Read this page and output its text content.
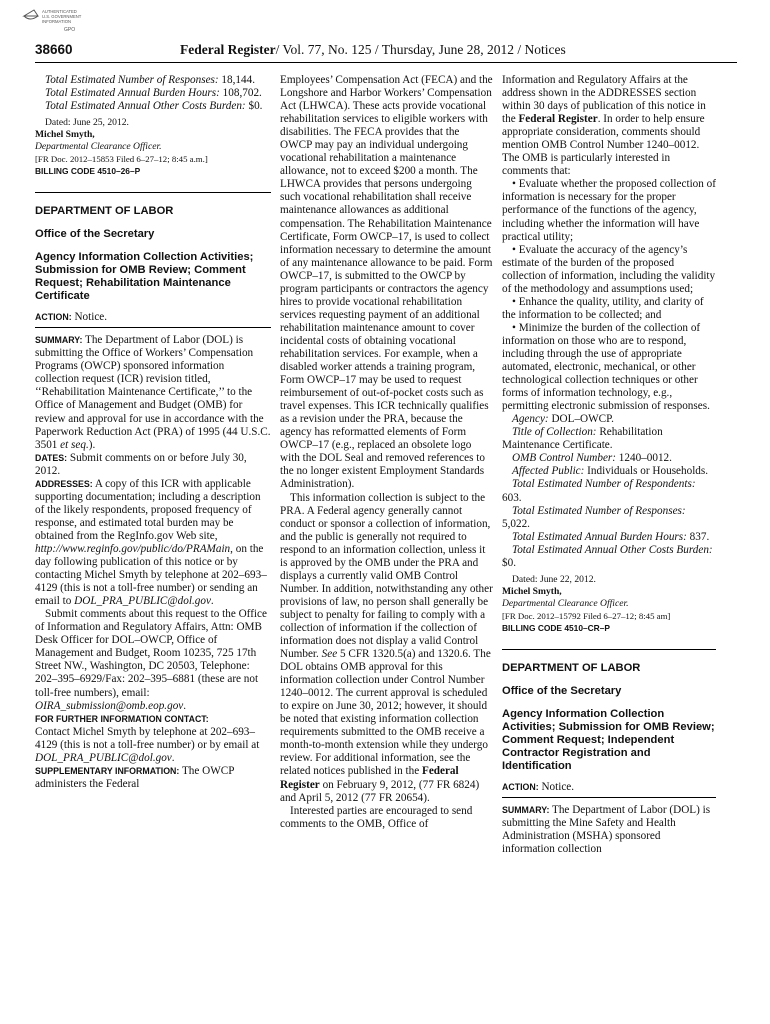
AUTHENTICATED
U.S. GOVERNMENT
INFORMATION
GPO
38660	Federal Register/ Vol. 77, No. 125 / Thursday, June 28, 2012 / Notices

Total Estimated Number of Responses: 18,144.

Total Estimated Annual Burden Hours: 108,702.

Total Estimated Annual Other Costs Burden: $0.

Dated: June 25, 2012.

Michel Smyth,

Departmental Clearance Officer.

[FR Doc. 2012–15853 Filed 6–27–12; 8:45 a.m.]

BILLING CODE 4510–26–P

DEPARTMENT OF LABOR

Office of the Secretary

Agency Information Collection Activities; Submission for OMB Review; Comment Request; Rehabilitation Maintenance Certificate

ACTION: Notice.

SUMMARY: The Department of Labor (DOL) is submitting the Office of Workers’ Compensation Programs (OWCP) sponsored information collection request (ICR) revision titled, ‘‘Rehabilitation Maintenance Certificate,’’ to the Office of Management and Budget (OMB) for review and approval for use in accordance with the Paperwork Reduction Act (PRA) of 1995 (44 U.S.C. 3501 et seq.).

DATES: Submit comments on or before July 30, 2012.

ADDRESSES: A copy of this ICR with applicable supporting documentation; including a description of the likely respondents, proposed frequency of response, and estimated total burden may be obtained from the RegInfo.gov Web site, http://www.reginfo.gov/public/do/PRAMain, on the day following publication of this notice or by contacting Michel Smyth by telephone at 202–693–4129 (this is not a toll-free number) or sending an email to DOL_PRA_PUBLIC@dol.gov.

Submit comments about this request to the Office of Information and Regulatory Affairs, Attn: OMB Desk Officer for DOL–OWCP, Office of Management and Budget, Room 10235, 725 17th Street NW., Washington, DC 20503, Telephone: 202–395–6929/Fax: 202–395–6881 (these are not toll-free numbers), email: OIRA_submission@omb.eop.gov.

FOR FURTHER INFORMATION CONTACT:
Contact Michel Smyth by telephone at 202–693–4129 (this is not a toll-free number) or by email at DOL_PRA_PUBLIC@dol.gov.

SUPPLEMENTARY INFORMATION: The OWCP administers the Federal

Employees’ Compensation Act (FECA) and the Longshore and Harbor Workers’ Compensation Act (LHWCA). These acts provide vocational rehabilitation services to eligible workers with disabilities. The FECA provides that the OWCP may pay an individual undergoing vocational rehabilitation a maintenance allowance, not to exceed $200 a month. The LHWCA provides that persons undergoing such vocational rehabilitation shall receive maintenance allowances as additional compensation. The Rehabilitation Maintenance Certificate, Form OWCP–17, is used to collect information necessary to determine the amount of any maintenance allowance to be paid. Form OWCP–17, is submitted to the OWCP by program participants or contractors the agency hires to provide vocational rehabilitation services requesting payment of an additional rehabilitation maintenance amount to cover incidental costs of obtaining vocational rehabilitation services. For example, when a disabled worker attends a training program, Form OWCP–17 may be used to request reimbursement of out-of-pocket costs such as travel expenses. This ICR technically qualifies as a revision under the PRA, because the agency has reformatted elements of Form OWCP–17 (e.g., replaced an obsolete logo with the DOL Seal and removed references to the no longer existent Employment Standards Administration).

This information collection is subject to the PRA. A Federal agency generally cannot conduct or sponsor a collection of information, and the public is generally not required to respond to an information collection, unless it is approved by the OMB under the PRA and displays a currently valid OMB Control Number. In addition, notwithstanding any other provisions of law, no person shall generally be subject to penalty for failing to comply with a collection of information if the collection of information does not display a valid Control Number. See 5 CFR 1320.5(a) and 1320.6. The DOL obtains OMB approval for this information collection under Control Number 1240–0012. The current approval is scheduled to expire on June 30, 2012; however, it should be noted that existing information collection requirements submitted to the OMB receive a month-to-month extension while they undergo review. For additional information, see the related notices published in the Federal Register on February 9, 2012, (77 FR 6824) and April 5, 2012 (77 FR 20654).

Interested parties are encouraged to send comments to the OMB, Office of

Information and Regulatory Affairs at the address shown in the ADDRESSES section within 30 days of publication of this notice in the Federal Register. In order to help ensure appropriate consideration, comments should mention OMB Control Number 1240–0012. The OMB is particularly interested in comments that:

• Evaluate whether the proposed collection of information is necessary for the proper performance of the functions of the agency, including whether the information will have practical utility;

• Evaluate the accuracy of the agency’s estimate of the burden of the proposed collection of information, including the validity of the methodology and assumptions used;

• Enhance the quality, utility, and clarity of the information to be collected; and

• Minimize the burden of the collection of information on those who are to respond, including through the use of appropriate automated, electronic, mechanical, or other technological collection techniques or other forms of information technology, e.g., permitting electronic submission of responses.

Agency: DOL–OWCP.

Title of Collection: Rehabilitation Maintenance Certificate.

OMB Control Number: 1240–0012.

Affected Public: Individuals or Households.

Total Estimated Number of Respondents: 603.

Total Estimated Number of Responses: 5,022.

Total Estimated Annual Burden Hours: 837.

Total Estimated Annual Other Costs Burden: $0.

Dated: June 22, 2012.

Michel Smyth,

Departmental Clearance Officer.

[FR Doc. 2012–15792 Filed 6–27–12; 8:45 am]

BILLING CODE 4510–CR–P

DEPARTMENT OF LABOR

Office of the Secretary

Agency Information Collection Activities; Submission for OMB Review; Comment Request; Independent Contractor Registration and Identification

ACTION: Notice.

SUMMARY: The Department of Labor (DOL) is submitting the Mine Safety and Health Administration (MSHA) sponsored information collection
